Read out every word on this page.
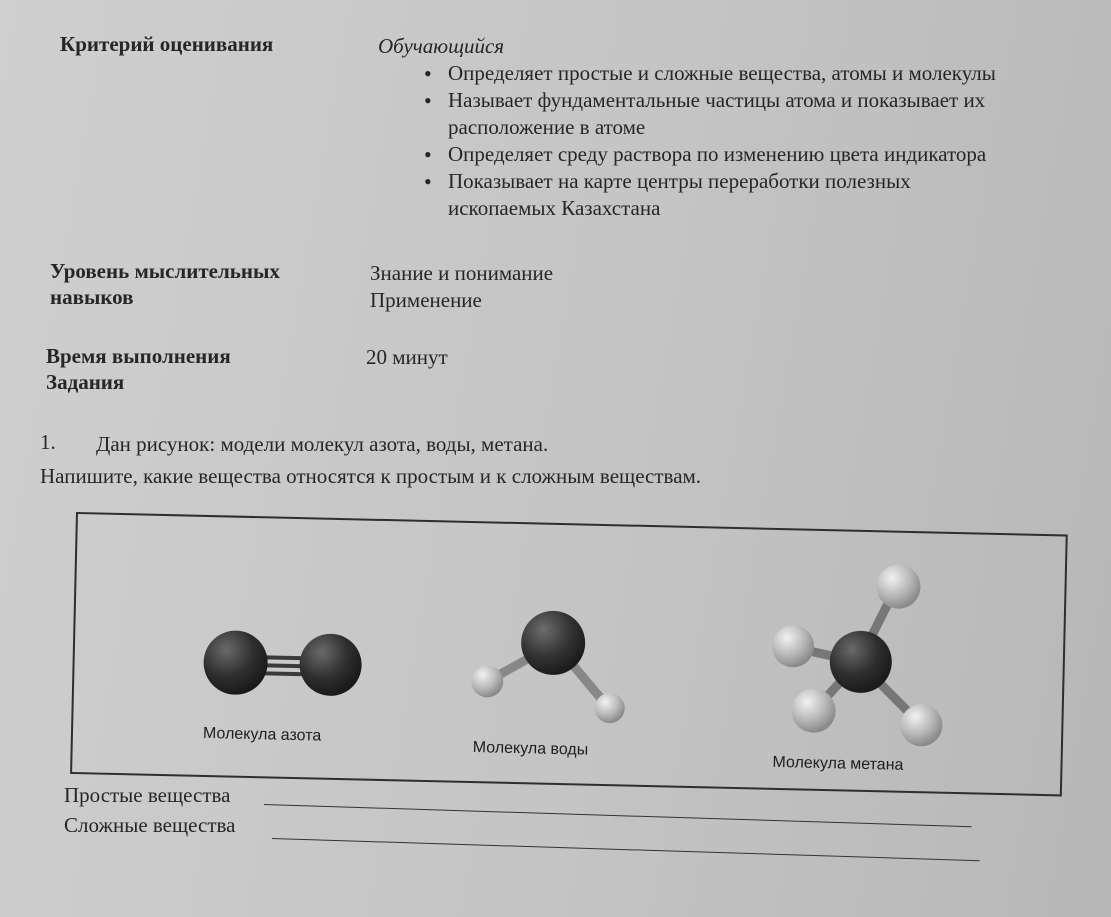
Критерий оценивания	Обучающийся
• Определяет простые и сложные вещества, атомы и молекулы
• Называет фундаментальные частицы атома и показывает их расположение в атоме
• Определяет среду раствора по изменению цвета индикатора
• Показывает на карте центры переработки полезных ископаемых Казахстана
Уровень мыслительных навыков
Знание и понимание
Применение
Время выполнения Задания
20 минут
1. Дан рисунок: модели молекул азота, воды, метана.
Напишите, какие вещества относятся к простым и к сложным веществам.
Молекула азота
Молекула воды
Молекула метана
Простые вещества
Сложные вещества
